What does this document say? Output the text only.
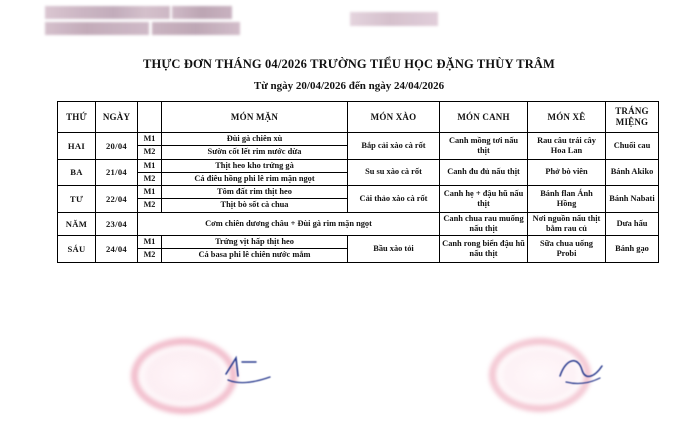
THỰC ĐƠN THÁNG 04/2026 TRƯỜNG TIỂU HỌC ĐẶNG THÙY TRÂM
Từ ngày 20/04/2026 đến ngày 24/04/2026
THỨ	NGÀY		MÓN MẶN	MÓN XÀO	MÓN CANH	MÓN XÊ	TRÁNG MIỆNG
HAI	20/04	M1	Đùi gà chiên xù	Bắp cải xào cà rốt	Canh mồng tơi nấu thịt	Rau câu trái cây Hoa Lan	Chuối cau
		M2	Sườn cốt lết rim nước dừa				
BA	21/04	M1	Thịt heo kho trứng gà	Su su xào cà rốt	Canh đu đủ nấu thịt	Phở bò viên	Bánh Akiko
		M2	Cá điêu hồng phi lê rim mặn ngọt				
TƯ	22/04	M1	Tôm đất rim thịt heo	Cải thảo xào cà rốt	Canh hẹ + đậu hũ nấu thịt	Bánh flan Ánh Hồng	Bánh Nabati
		M2	Thịt bò sốt cà chua				
NĂM	23/04	Cơm chiên dương châu + Đùi gà rim mặn ngọt			Canh chua rau muống nấu thịt	Nơi nguồn nấu thịt bằm rau củ	Dưa hấu
SÁU	24/04	M1	Trứng vịt hấp thịt heo	Bầu xào tỏi	Canh rong biển đậu hũ nấu thịt	Sữa chua uống Probi	Bánh gạo
		M2	Cá basa phi lê chiên nước mắm				
